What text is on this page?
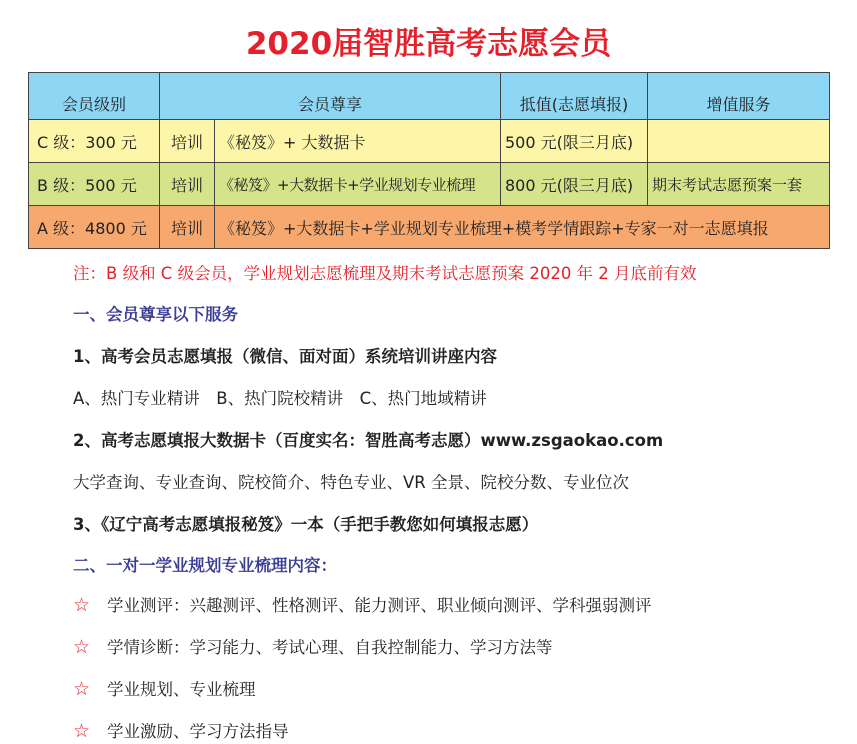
2020届智胜高考志愿会员
会员级别	会员尊享		抵值(志愿填报)	增值服务
C 级：300 元	培训	《秘笈》+ 大数据卡	500 元(限三月底)	
B 级：500 元	培训	《秘笈》+大数据卡+学业规划专业梳理	800 元(限三月底)	期末考试志愿预案一套
A 级：4800 元	培训	《秘笈》+大数据卡+学业规划专业梳理+模考学情跟踪+专家一对一志愿填报		
注：B 级和 C 级会员，学业规划志愿梳理及期末考试志愿预案 2020 年 2 月底前有效
一、会员尊享以下服务
1、高考会员志愿填报（微信、面对面）系统培训讲座内容
A、热门专业精讲　B、热门院校精讲　C、热门地域精讲
2、高考志愿填报大数据卡（百度实名：智胜高考志愿）www.zsgaokao.com
大学查询、专业查询、院校简介、特色专业、VR 全景、院校分数、专业位次
3、《辽宁高考志愿填报秘笈》一本（手把手教您如何填报志愿）
二、一对一学业规划专业梳理内容：
☆ 学业测评：兴趣测评、性格测评、能力测评、职业倾向测评、学科强弱测评
☆ 学情诊断：学习能力、考试心理、自我控制能力、学习方法等
☆ 学业规划、专业梳理
☆ 学业激励、学习方法指导
